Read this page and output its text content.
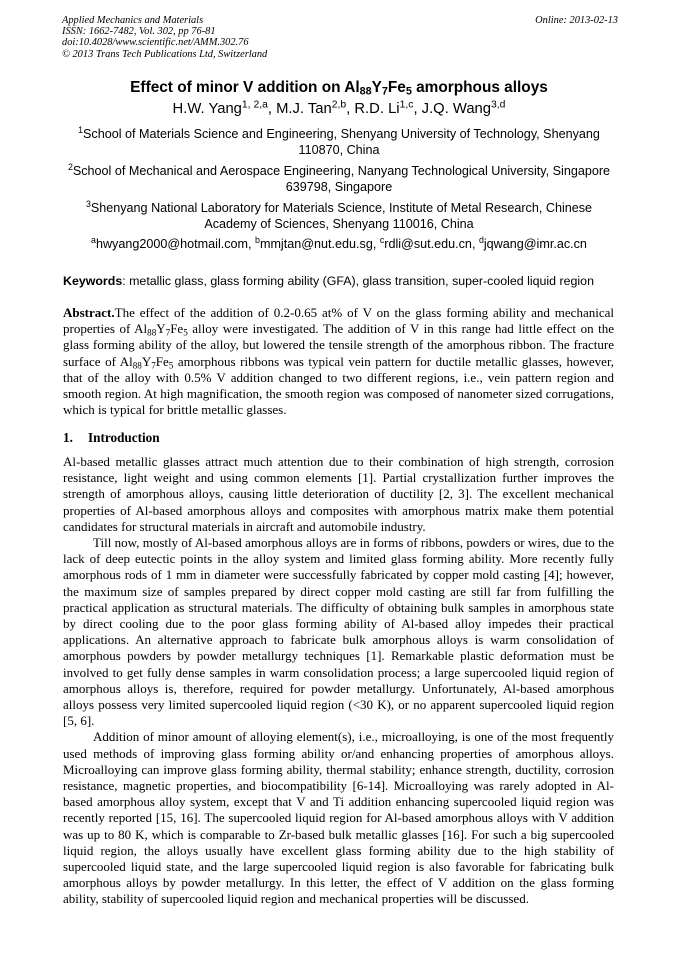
Applied Mechanics and Materials
ISSN: 1662-7482, Vol. 302, pp 76-81
doi:10.4028/www.scientific.net/AMM.302.76
© 2013 Trans Tech Publications Ltd, Switzerland
Online: 2013-02-13
Effect of minor V addition on $Al_{88}Y_7Fe_5$ amorphous alloys
H.W. Yang$^{1, 2,a}$, M.J. Tan$^{2,b}$, R.D. Li$^{1,c}$, J.Q. Wang$^{3,d}$
$^1$School of Materials Science and Engineering, Shenyang University of Technology, Shenyang 110870, China
$^2$School of Mechanical and Aerospace Engineering, Nanyang Technological University, Singapore 639798, Singapore
$^3$Shenyang National Laboratory for Materials Science, Institute of Metal Research, Chinese Academy of Sciences, Shenyang 110016, China
$^a$hwyang2000@hotmail.com, $^b$mmjtan@nut.edu.sg, $^c$rdli@sut.edu.cn, $^d$jqwang@imr.ac.cn
Keywords: metallic glass, glass forming ability (GFA), glass transition, super-cooled liquid region
Abstract.The effect of the addition of 0.2-0.65 at% of V on the glass forming ability and mechanical properties of $Al_{88}Y_7Fe_5$ alloy were investigated. The addition of V in this range had little effect on the glass forming ability of the alloy, but lowered the tensile strength of the amorphous ribbon. The fracture surface of $Al_{88}Y_7Fe_5$ amorphous ribbons was typical vein pattern for ductile metallic glasses, however, that of the alloy with 0.5% V addition changed to two different regions, i.e., vein pattern region and smooth region. At high magnification, the smooth region was composed of nanometer sized corrugations, which is typical for brittle metallic glasses.
1. Introduction

Al-based metallic glasses attract much attention due to their combination of high strength, corrosion resistance, light weight and using common elements [1]. Partial crystallization further improves the strength of amorphous alloys, causing little deterioration of ductility [2, 3]. The excellent mechanical properties of Al-based amorphous alloys and composites with amorphous matrix make them potential candidates for structural materials in aircraft and automobile industry.

Till now, mostly of Al-based amorphous alloys are in forms of ribbons, powders or wires, due to the lack of deep eutectic points in the alloy system and limited glass forming ability. More recently fully amorphous rods of 1 mm in diameter were successfully fabricated by copper mold casting [4]; however, the maximum size of samples prepared by direct copper mold casting are still far from fulfilling the practical application as structural materials. The difficulty of obtaining bulk samples in amorphous state by direct cooling due to the poor glass forming ability of Al-based alloy impedes their practical applications. An alternative approach to fabricate bulk amorphous alloys is warm consolidation of amorphous powders by powder metallurgy techniques [1]. Remarkable plastic deformation must be involved to get fully dense samples in warm consolidation process; a large supercooled liquid region of amorphous alloys is, therefore, required for powder metallurgy. Unfortunately, Al-based amorphous alloys possess very limited supercooled liquid region (<30 K), or no apparent supercooled liquid region [5, 6].

Addition of minor amount of alloying element(s), i.e., microalloying, is one of the most frequently used methods of improving glass forming ability or/and enhancing properties of amorphous alloys. Microalloying can improve glass forming ability, thermal stability; enhance strength, ductility, corrosion resistance, magnetic properties, and biocompatibility [6-14]. Microalloying was rarely adopted in Al-based amorphous alloy system, except that V and Ti addition enhancing supercooled liquid region was recently reported [15, 16]. The supercooled liquid region for Al-based amorphous alloys with V addition was up to 80 K, which is comparable to Zr-based bulk metallic glasses [16]. For such a big supercooled liquid region, the alloys usually have excellent glass forming ability due to the high stability of supercooled liquid state, and the large supercooled liquid region is also favorable for fabricating bulk amorphous alloys by powder metallurgy. In this letter, the effect of V addition on the glass forming ability, stability of supercooled liquid region and mechanical properties will be discussed.
